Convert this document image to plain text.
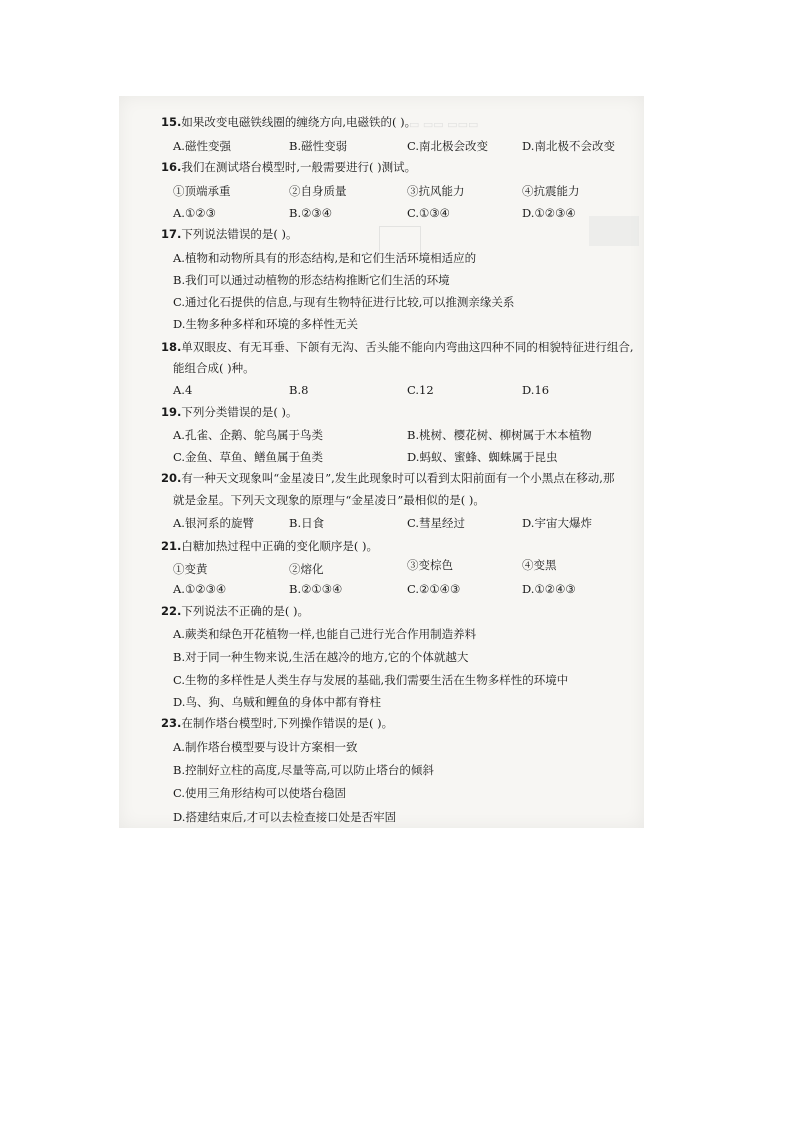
▭ ▭▭ ▭▭▭
15.如果改变电磁铁线圈的缠绕方向,电磁铁的( )。
A.磁性变强	B.磁性变弱	C.南北极会改变	D.南北极不会改变
16.我们在测试塔台模型时,一般需要进行( )测试。
①顶端承重	②自身质量	③抗风能力	④抗震能力
A.①②③	B.②③④	C.①③④	D.①②③④
17.下列说法错误的是( )。
A.植物和动物所具有的形态结构,是和它们生活环境相适应的
B.我们可以通过动植物的形态结构推断它们生活的环境
C.通过化石提供的信息,与现有生物特征进行比较,可以推测亲缘关系
D.生物多种多样和环境的多样性无关
18.单双眼皮、有无耳垂、下颌有无沟、舌头能不能向内弯曲这四种不同的相貌特征进行组合,
能组合成( )种。
A.4	B.8	C.12	D.16
19.下列分类错误的是( )。
A.孔雀、企鹅、鸵鸟属于鸟类	B.桃树、樱花树、柳树属于木本植物
C.金鱼、草鱼、鳝鱼属于鱼类	D.蚂蚁、蜜蜂、蜘蛛属于昆虫
20.有一种天文现象叫“金星凌日”,发生此现象时可以看到太阳前面有一个小黑点在移动,那
就是金星。下列天文现象的原理与“金星凌日”最相似的是( )。
A.银河系的旋臂	B.日食	C.彗星经过	D.宇宙大爆炸
21.白糖加热过程中正确的变化顺序是( )。
①变黄	②熔化	③变棕色	④变黑
A.①②③④	B.②①③④	C.②①④③	D.①②④③
22.下列说法不正确的是( )。
A.蕨类和绿色开花植物一样,也能自己进行光合作用制造养料
B.对于同一种生物来说,生活在越冷的地方,它的个体就越大
C.生物的多样性是人类生存与发展的基础,我们需要生活在生物多样性的环境中
D.鸟、狗、乌贼和鲤鱼的身体中都有脊柱
23.在制作塔台模型时,下列操作错误的是( )。
A.制作塔台模型要与设计方案相一致
B.控制好立柱的高度,尽量等高,可以防止塔台的倾斜
C.使用三角形结构可以使塔台稳固
D.搭建结束后,才可以去检查接口处是否牢固
